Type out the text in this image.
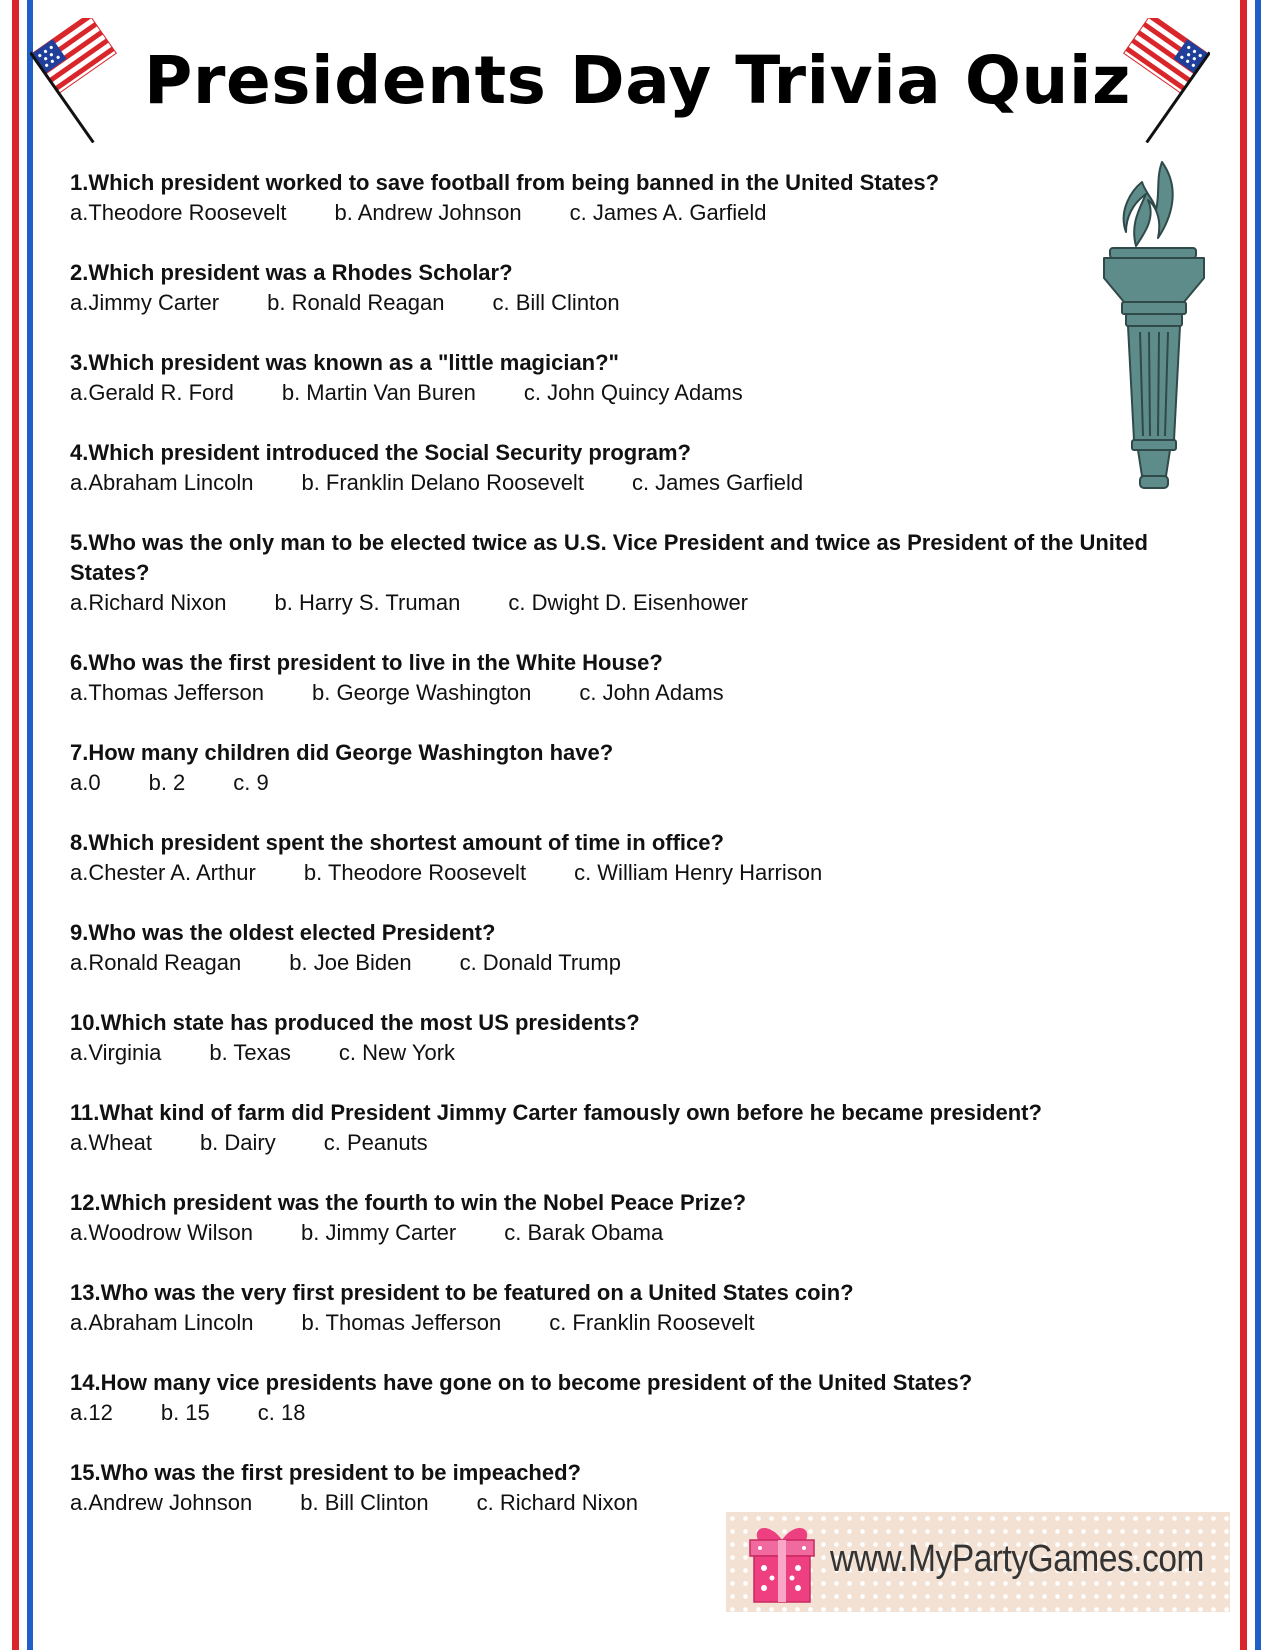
Presidents Day Trivia Quiz
1.Which president worked to save football from being banned in the United States?
a.Theodore Roosevelt b. Andrew Johnson c. James A. Garfield
2.Which president was a Rhodes Scholar?
a.Jimmy Carter b. Ronald Reagan c. Bill Clinton
3.Which president was known as a "little magician?"
a.Gerald R. Ford b. Martin Van Buren c. John Quincy Adams
4.Which president introduced the Social Security program?
a.Abraham Lincoln b. Franklin Delano Roosevelt c. James Garfield
5.Who was the only man to be elected twice as U.S. Vice President and twice as President of the United States?
a.Richard Nixon b. Harry S. Truman c. Dwight D. Eisenhower
6.Who was the first president to live in the White House?
a.Thomas Jefferson b. George Washington c. John Adams
7.How many children did George Washington have?
a.0 b. 2 c. 9
8.Which president spent the shortest amount of time in office?
a.Chester A. Arthur b. Theodore Roosevelt c. William Henry Harrison
9.Who was the oldest elected President?
a.Ronald Reagan b. Joe Biden c. Donald Trump
10.Which state has produced the most US presidents?
a.Virginia b. Texas c. New York
11.What kind of farm did President Jimmy Carter famously own before he became president?
a.Wheat b. Dairy c. Peanuts
12.Which president was the fourth to win the Nobel Peace Prize?
a.Woodrow Wilson b. Jimmy Carter c. Barak Obama
13.Who was the very first president to be featured on a United States coin?
a.Abraham Lincoln b. Thomas Jefferson c. Franklin Roosevelt
14.How many vice presidents have gone on to become president of the United States?
a.12 b. 15 c. 18
15.Who was the first president to be impeached?
a.Andrew Johnson b. Bill Clinton c. Richard Nixon
www.MyPartyGames.com
